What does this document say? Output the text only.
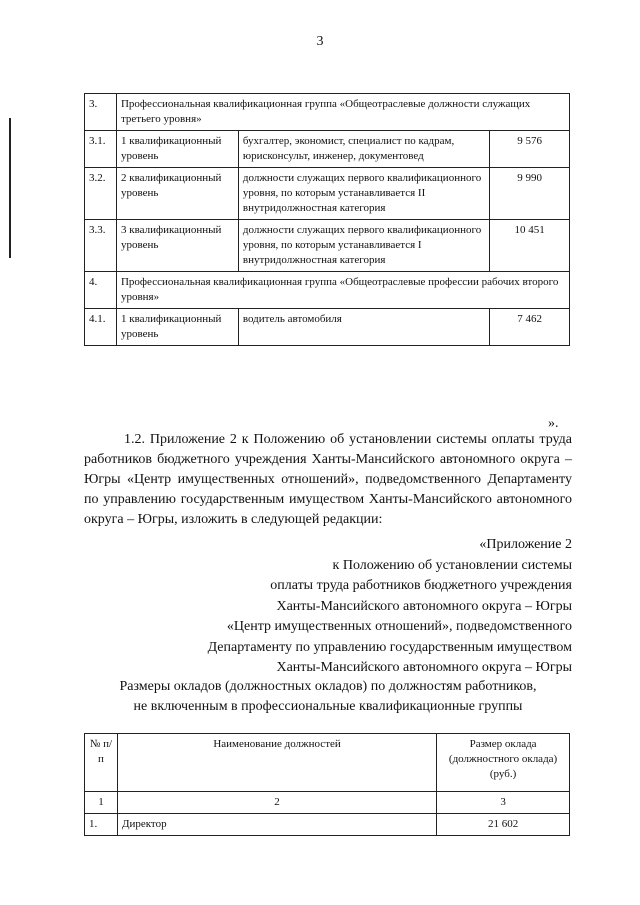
3
3.	Профессиональная квалификационная группа «Общеотраслевые должности служащих третьего уровня»		
3.1.	1 квалификационный уровень	бухгалтер, экономист, специалист по кадрам, юрисконсульт, инженер, документовед	9 576
3.2.	2 квалификационный уровень	должности служащих первого квалификационного уровня, по которым устанавливается II внутридолжностная категория	9 990
3.3.	3 квалификационный уровень	должности служащих первого квалификационного уровня, по которым устанавливается I внутридолжностная категория	10 451
4.	Профессиональная квалификационная группа «Общеотраслевые профессии рабочих второго уровня»		
4.1.	1 квалификационный уровень	водитель автомобиля	7 462
».
1.2. Приложение 2 к Положению об установлении системы оплаты труда работников бюджетного учреждения Ханты-Мансийского автономного округа – Югры «Центр имущественных отношений», подведомственного Департаменту по управлению государственным имуществом Ханты-Мансийского автономного округа – Югры, изложить в следующей редакции:
«Приложение 2
к Положению об установлении системы
оплаты труда работников бюджетного учреждения
Ханты-Мансийского автономного округа – Югры
«Центр имущественных отношений», подведомственного
Департаменту по управлению государственным имуществом
Ханты-Мансийского автономного округа – Югры
Размеры окладов (должностных окладов) по должностям работников,
не включенным в профессиональные квалификационные группы
№ п/п	Наименование должностей	Размер оклада (должностного оклада) (руб.)
1	2	3
1.	Директор	21 602
